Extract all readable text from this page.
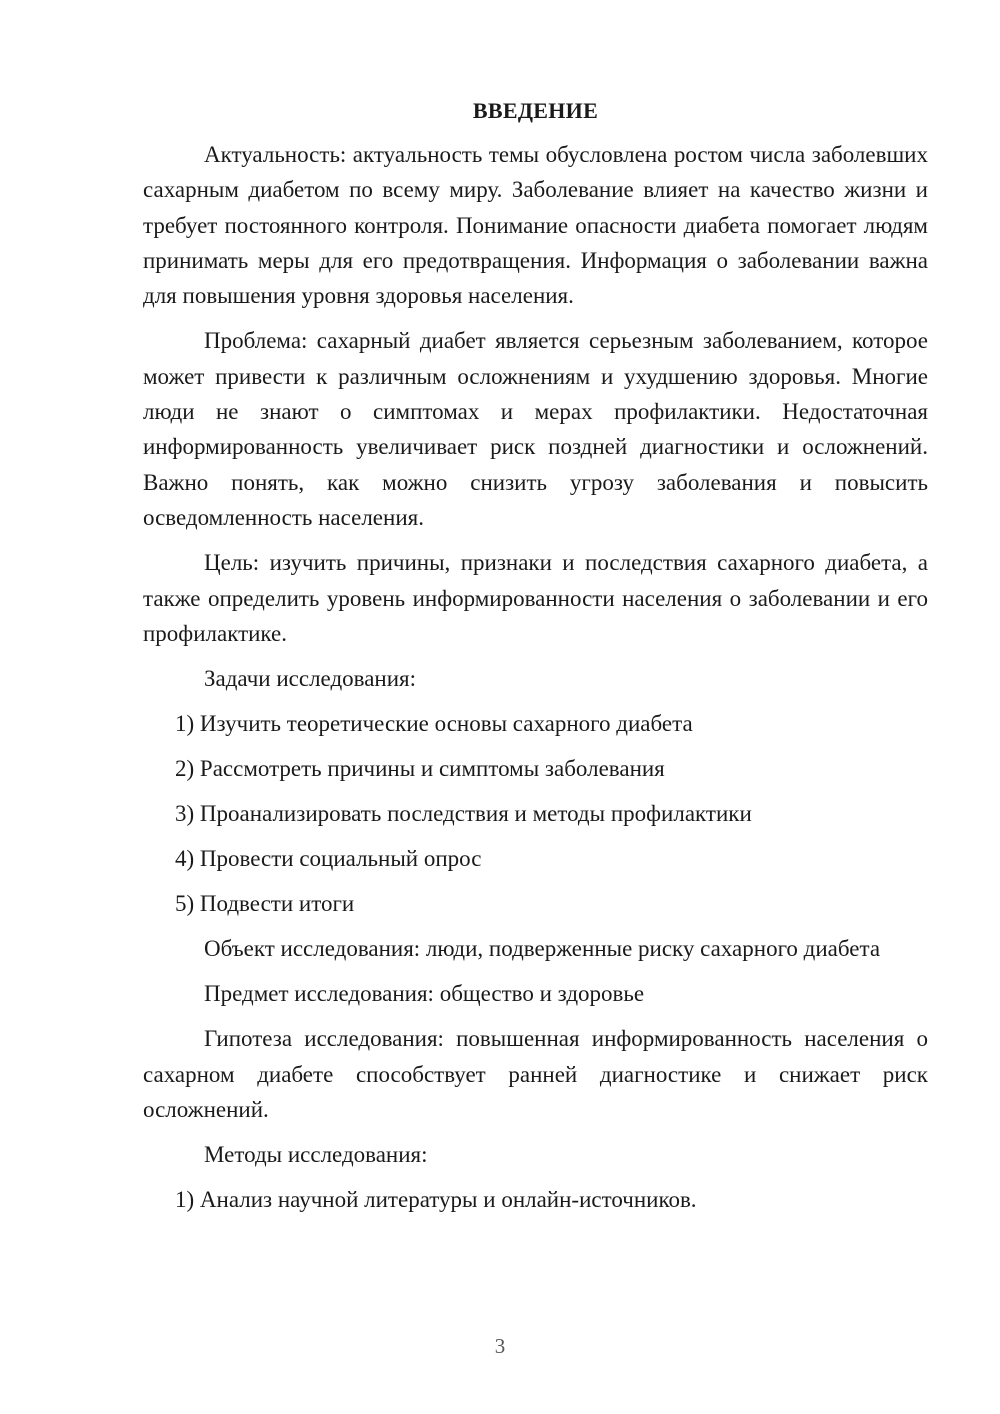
ВВЕДЕНИЕ

Актуальность: актуальность темы обусловлена ростом числа заболевших сахарным диабетом по всему миру. Заболевание влияет на качество жизни и требует постоянного контроля. Понимание опасности диабета помогает людям принимать меры для его предотвращения. Информация о заболевании важна для повышения уровня здоровья населения.

Проблема: сахарный диабет является серьезным заболеванием, которое может привести к различным осложнениям и ухудшению здоровья. Многие люди не знают о симптомах и мерах профилактики. Недостаточная информированность увеличивает риск поздней диагностики и осложнений. Важно понять, как можно снизить угрозу заболевания и повысить осведомленность населения.

Цель: изучить причины, признаки и последствия сахарного диабета, а также определить уровень информированности населения о заболевании и его профилактике.

Задачи исследования:

1) Изучить теоретические основы сахарного диабета

2) Рассмотреть причины и симптомы заболевания

3) Проанализировать последствия и методы профилактики

4) Провести социальный опрос

5) Подвести итоги

Объект исследования: люди, подверженные риску сахарного диабета

Предмет исследования: общество и здоровье

Гипотеза исследования: повышенная информированность населения о сахарном диабете способствует ранней диагностике и снижает риск осложнений.

Методы исследования:

1) Анализ научной литературы и онлайн-источников.

3
